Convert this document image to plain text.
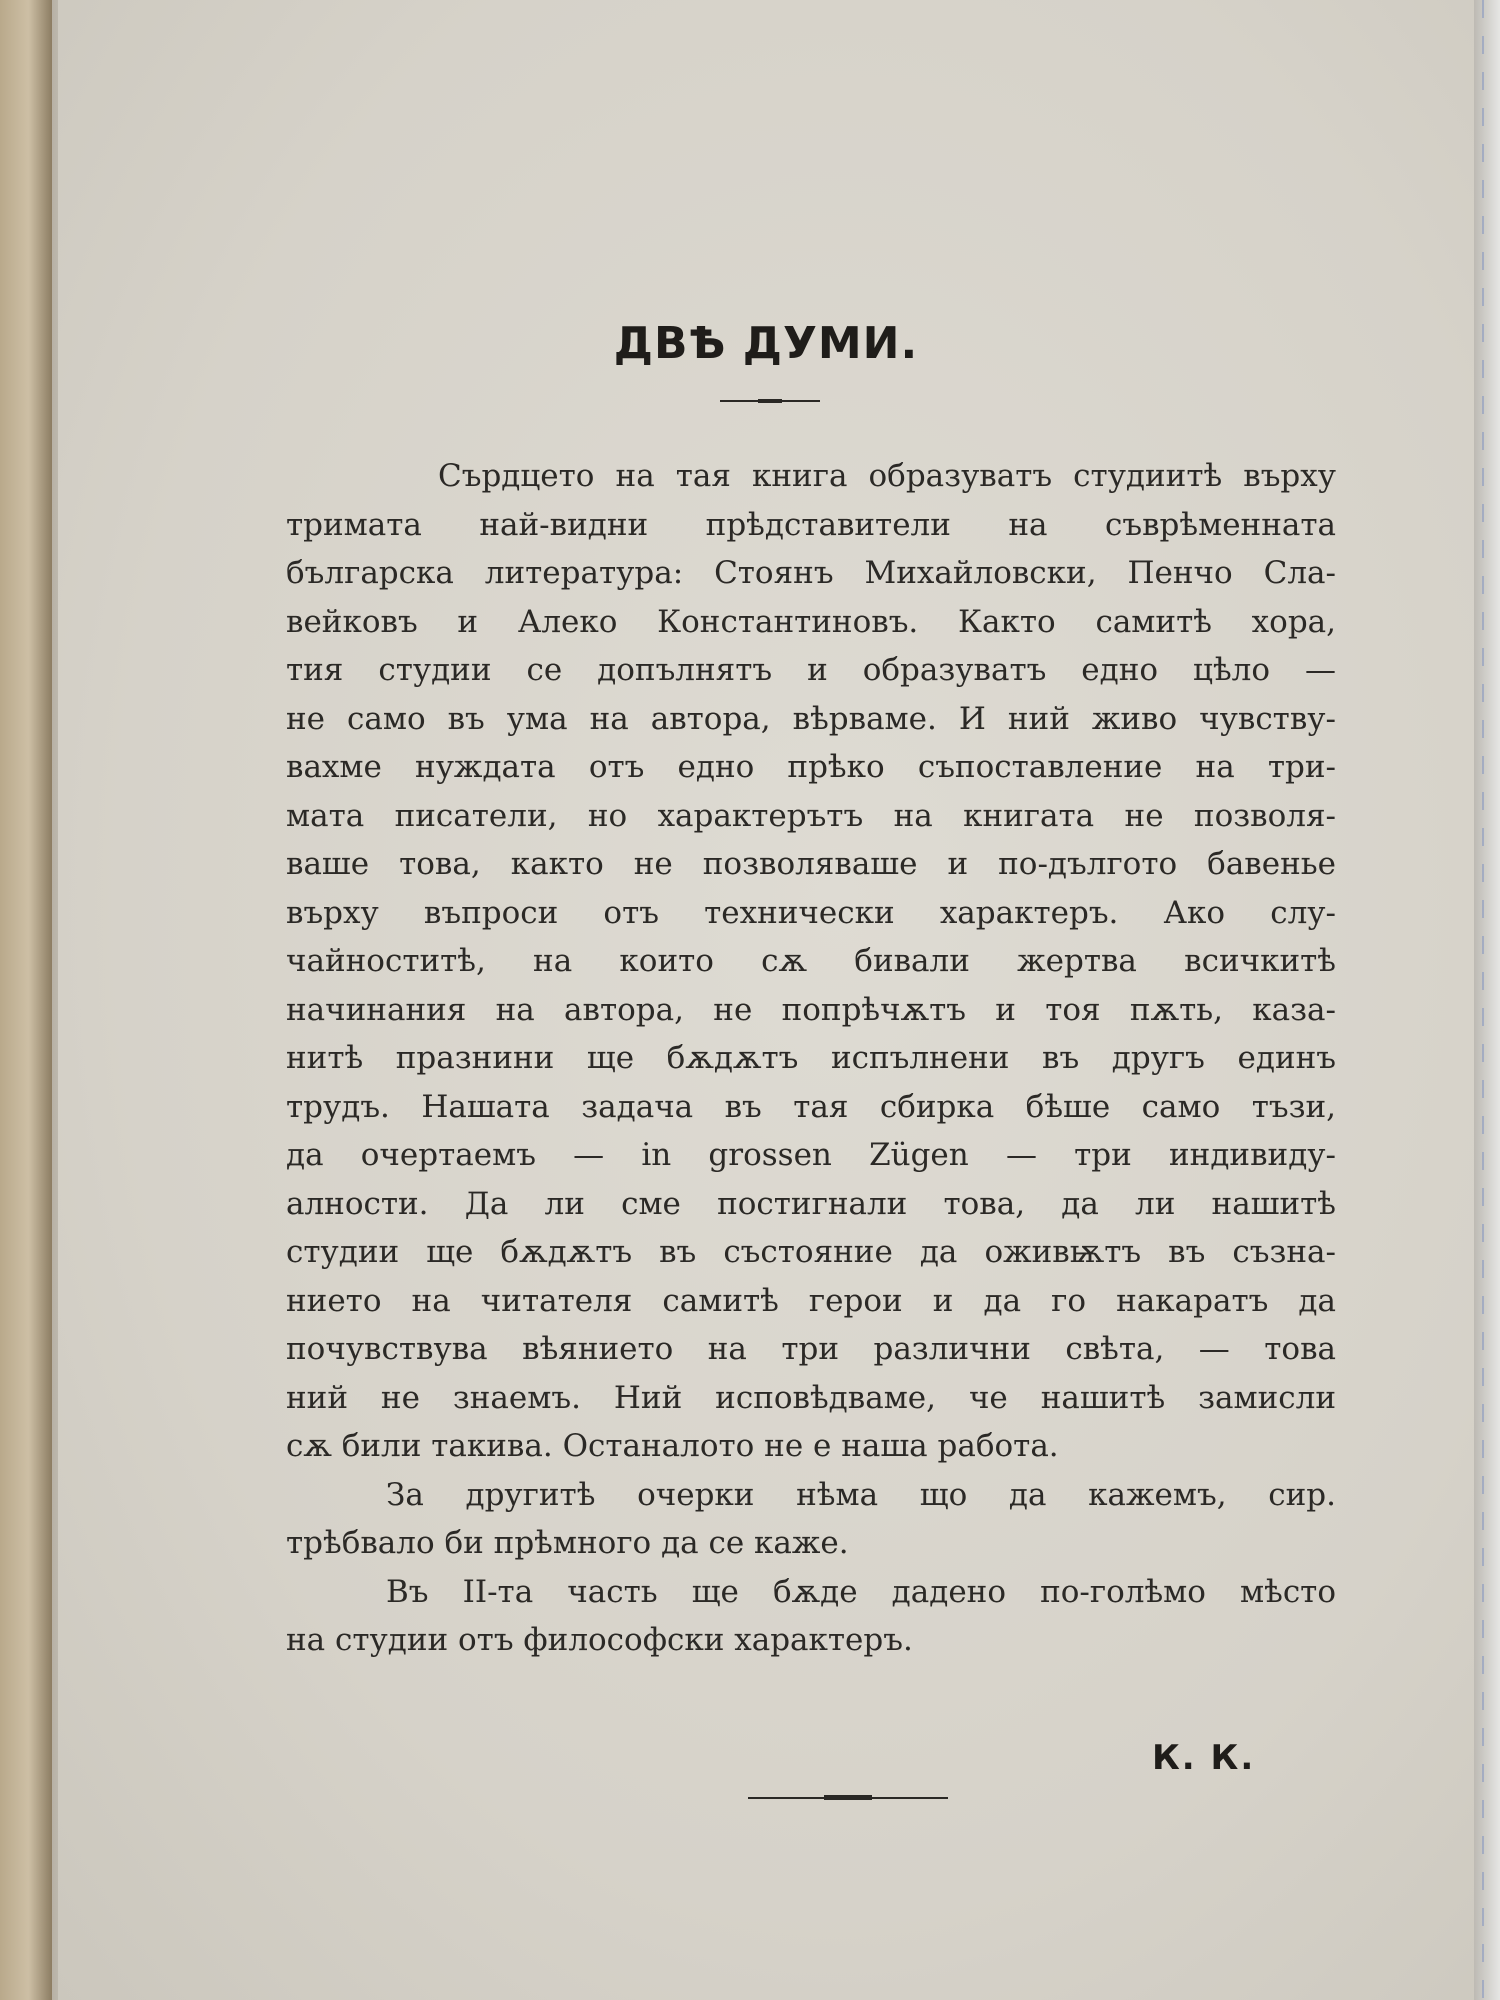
ДВѢ ДУМИ.
Сърдцето на тая книга образуватъ студиитѣ върху
тримата най-видни прѣдставители на съврѣменната
българска литература: Стоянъ Михайловски, Пенчо Сла-
вейковъ и Алеко Константиновъ. Както самитѣ хора,
тия студии се допълнятъ и образуватъ едно цѣло —
не само въ ума на автора, вѣрваме. И ний живо чувству-
вахме нуждата отъ едно прѣко съпоставление на три-
мата писатели, но характерътъ на книгата не позволя-
ваше това, както не позволяваше и по-дългото бавенье
върху въпроси отъ технически характеръ. Ако слу-
чайноститѣ, на които сѫ бивали жертва всичкитѣ
начинания на автора, не попрѣчѫтъ и тоя пѫть, каза-
нитѣ празнини ще бѫдѫтъ испълнени въ другъ единъ
трудъ. Нашата задача въ тая сбирка бѣше само тъзи,
да очертаемъ — in grossen Zügen — три индивиду-
алности. Да ли сме постигнали това, да ли нашитѣ
студии ще бѫдѫтъ въ състояние да оживѭтъ въ съзна-
нието на читателя самитѣ герои и да го накаратъ да
почувствува вѣянието на три различни свѣта, — това
ний не знаемъ. Ний исповѣдваме, че нашитѣ замисли
сѫ били такива. Останалото не е наша работа.
За другитѣ очерки нѣма що да кажемъ, сир.
трѣбвало би прѣмного да се каже.
Въ II-та часть ще бѫде дадено по-голѣмо мѣсто
на студии отъ философски характеръ.
К. К.
